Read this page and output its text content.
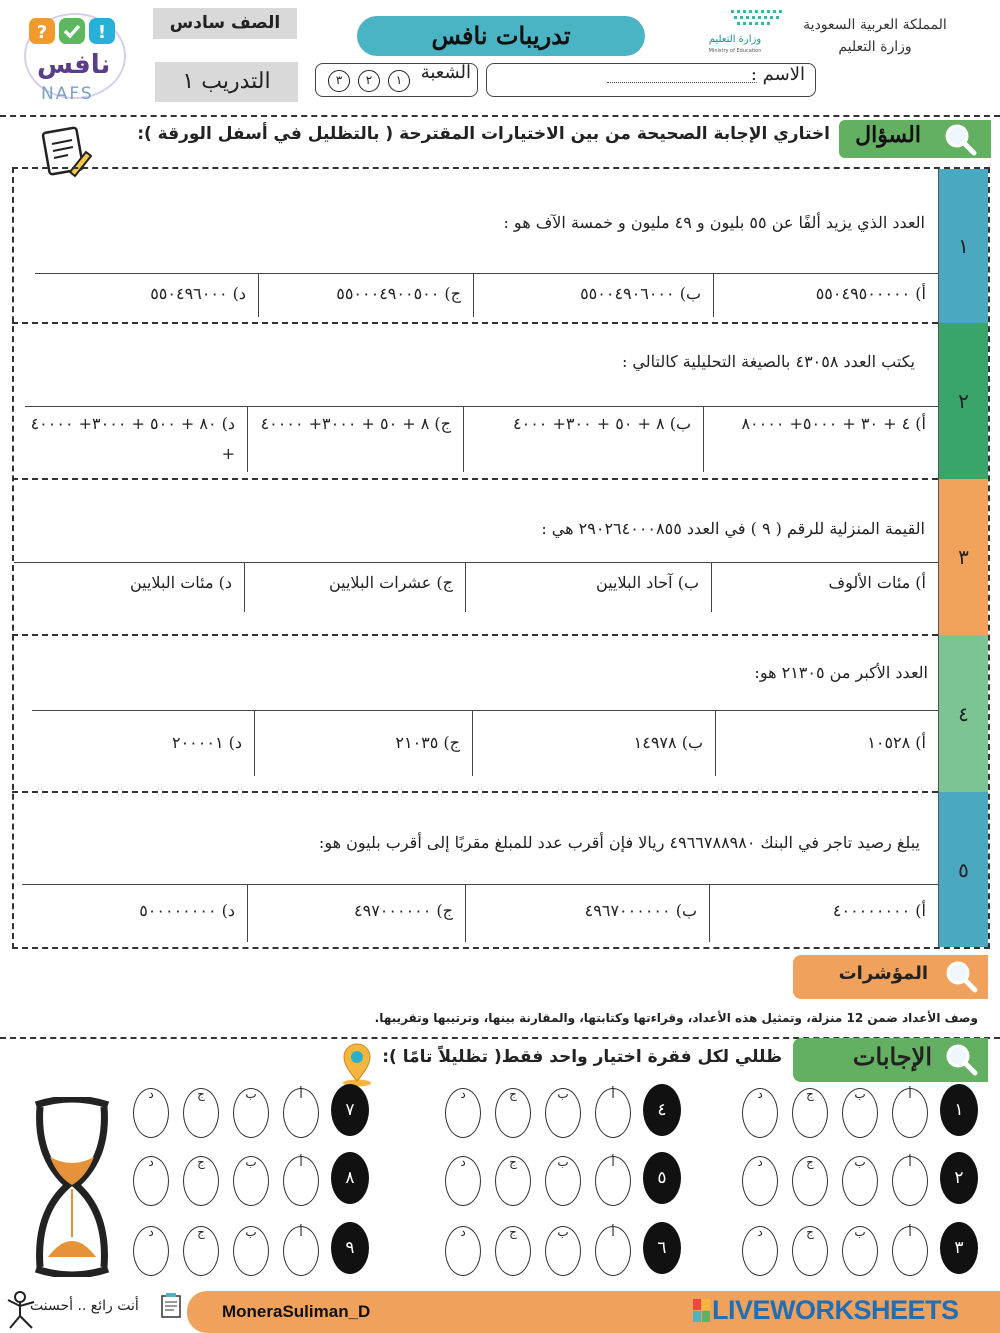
المملكة العربية السعودية
وزارة التعليم
وزارة التعليم
Ministry of Education
تدريبات نافس
الصف سادس
التدريب ١	الاسم :
الشعبة
١
٢
٣
?	!
نافس
NAFS
السؤال
اختاري الإجابة الصحيحة من بين الاختيارات المقترحة ( بالتظليل في أسفل الورقة ):
١
٢
٣
٤
٥
العدد الذي يزيد ألفًا عن ٥٥ بليون و ٤٩ مليون و خمسة الآف هو :
أ) ٥٥٠٤٩٥٠٠٠٠٠
ب) ٥٥٠٠٤٩٠٦٠٠٠
ج) ٥٥٠٠٠٤٩٠٠٥٠٠
د) ٥٥٠٤٩٦٠٠٠
يكتب العدد ٤٣٠٥٨ بالصيغة التحليلية كالتالي :
أ) ٤ + ٣٠ + ٥٠٠٠+ ٨٠٠٠٠
ب) ٨ + ٥٠ + ٣٠٠+ ٤٠٠٠
ج) ٨ + ٥٠ + ٣٠٠٠+ ٤٠٠٠٠
د) ٨٠ + ٥٠٠ + ٣٠٠٠+ ٤٠٠٠٠ +
القيمة المنزلية للرقم ( ٩ ) في العدد ٢٩٠٢٦٤٠٠٠٨٥٥ هي :
أ) مئات الألوف
ب) آحاد البلايين
ج) عشرات البلايين
د) مئات البلايين
العدد الأكبر من ٢١٣٠٥ هو:
أ) ١٠٥٢٨
ب) ١٤٩٧٨
ج) ٢١٠٣٥
د) ٢٠٠٠٠١
يبلغ رصيد تاجر في البنك ٤٩٦٦٧٨٨٩٨٠ ريالا فإن أقرب عدد للمبلغ مقربًا إلى أقرب بليون هو:
أ) ٤٠٠٠٠٠٠٠٠
ب) ٤٩٦٧٠٠٠٠٠٠
ج) ٤٩٧٠٠٠٠٠٠
د) ٥٠٠٠٠٠٠٠٠
المؤشرات
وصف الأعداد ضمن 12 منزلة، وتمثيل هذه الأعداد، وقراءتها وكتابتها، والمقارنة بينها، وترتيبها وتقريبها.
الإجابات
ظللي لكل فقرة اختيار واحد فقط( تظليلاً تامًا ):
١
أ
ب
ج
د
٢
أ
ب
ج
د
٣
أ
ب
ج
د
٤
أ
ب
ج
د
٥
أ
ب
ج
د
٦
أ
ب
ج
د
٧
أ
ب
ج
د
٨
أ
ب
ج
د
٩
أ
ب
ج
د
MoneraSuliman_D	LIVEWORKSHEETS
أنت رائع .. أحسنت
